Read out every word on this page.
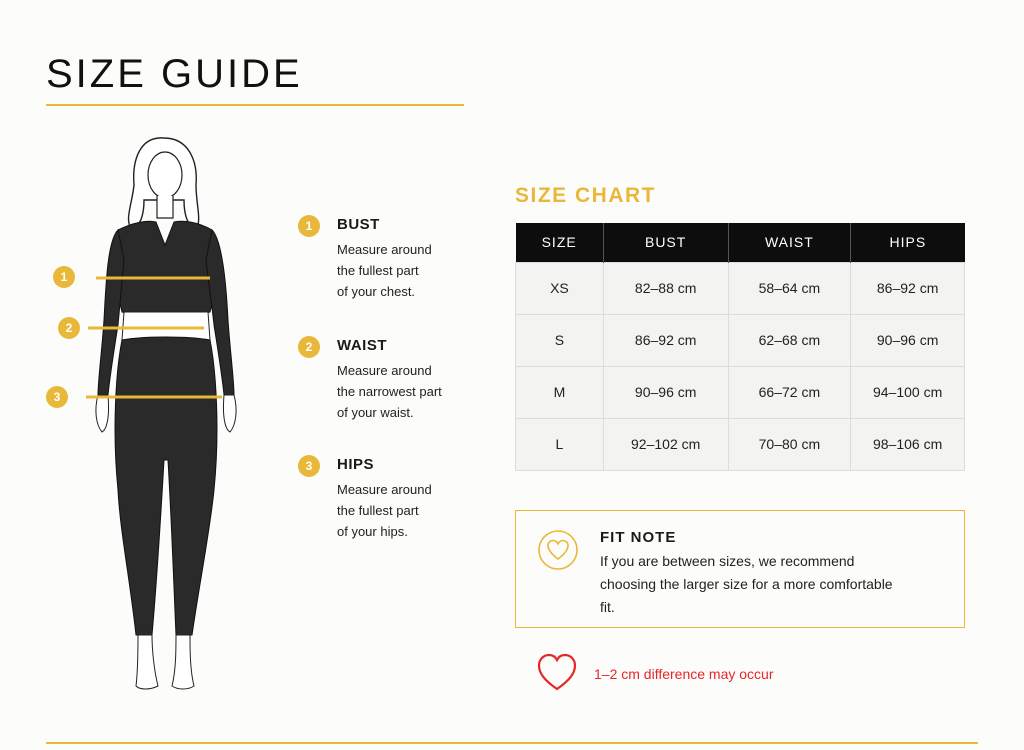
SIZE GUIDE
1
2
3
1	BUST
Measure around
the fullest part
of your chest.
2	WAIST
Measure around
the narrowest part
of your waist.
3	HIPS
Measure around
the fullest part
of your hips.
SIZE CHART
SIZE	BUST	WAIST	HIPS
XS	82–88 cm	58–64 cm	86–92 cm
S	86–92 cm	62–68 cm	90–96 cm
M	90–96 cm	66–72 cm	94–100 cm
L	92–102 cm	70–80 cm	98–106 cm
FIT NOTE
If you are between sizes, we recommend choosing the larger size for a more comfortable fit.
1–2 cm difference may occur
